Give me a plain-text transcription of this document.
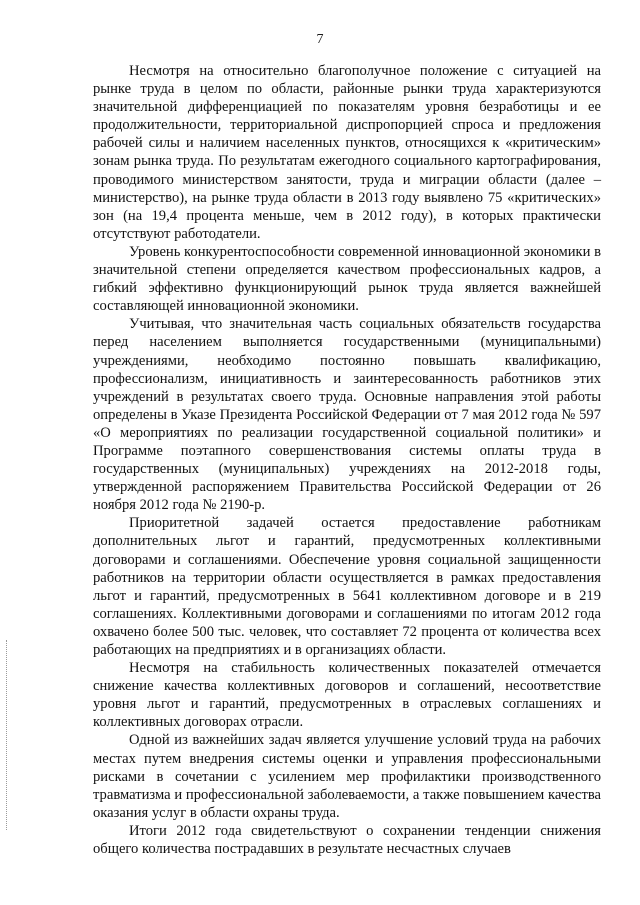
7

Несмотря на относительно благополучное положение с ситуацией на рынке труда в целом по области, районные рынки труда характеризуются значительной дифференциацией по показателям уровня безработицы и ее продолжительности, территориальной диспропорцией спроса и предложения рабочей силы и наличием населенных пунктов, относящихся к «критическим» зонам рынка труда. По результатам ежегодного социального картографирования, проводимого министерством занятости, труда и миграции области (далее – министерство), на рынке труда области в 2013 году выявлено 75 «критических» зон (на 19,4 процента меньше, чем в 2012 году), в которых практически отсутствуют работодатели.

Уровень конкурентоспособности современной инновационной экономики в значительной степени определяется качеством профессиональных кадров, а гибкий эффективно функционирующий рынок труда является важнейшей составляющей инновационной экономики.

Учитывая, что значительная часть социальных обязательств государства перед населением выполняется государственными (муниципальными) учреждениями, необходимо постоянно повышать квалификацию, профессионализм, инициативность и заинтересованность работников этих учреждений в результатах своего труда. Основные направления этой работы определены в Указе Президента Российской Федерации от 7 мая 2012 года № 597 «О мероприятиях по реализации государственной социальной политики» и Программе поэтапного совершенствования системы оплаты труда в государственных (муниципальных) учреждениях на 2012-2018 годы, утвержденной распоряжением Правительства Российской Федерации от 26 ноября 2012 года № 2190-р.

Приоритетной задачей остается предоставление работникам дополнительных льгот и гарантий, предусмотренных коллективными договорами и соглашениями. Обеспечение уровня социальной защищенности работников на территории области осуществляется в рамках предоставления льгот и гарантий, предусмотренных в 5641 коллективном договоре и в 219 соглашениях. Коллективными договорами и соглашениями по итогам 2012 года охвачено более 500 тыс. человек, что составляет 72 процента от количества всех работающих на предприятиях и в организациях области.

Несмотря на стабильность количественных показателей отмечается снижение качества коллективных договоров и соглашений, несоответствие уровня льгот и гарантий, предусмотренных в отраслевых соглашениях и коллективных договорах отрасли.

Одной из важнейших задач является улучшение условий труда на рабочих местах путем внедрения системы оценки и управления профессиональными рисками в сочетании с усилением мер профилактики производственного травматизма и профессиональной заболеваемости, а также повышением качества оказания услуг в области охраны труда.

Итоги 2012 года свидетельствуют о сохранении тенденции снижения общего количества пострадавших в результате несчастных случаев
